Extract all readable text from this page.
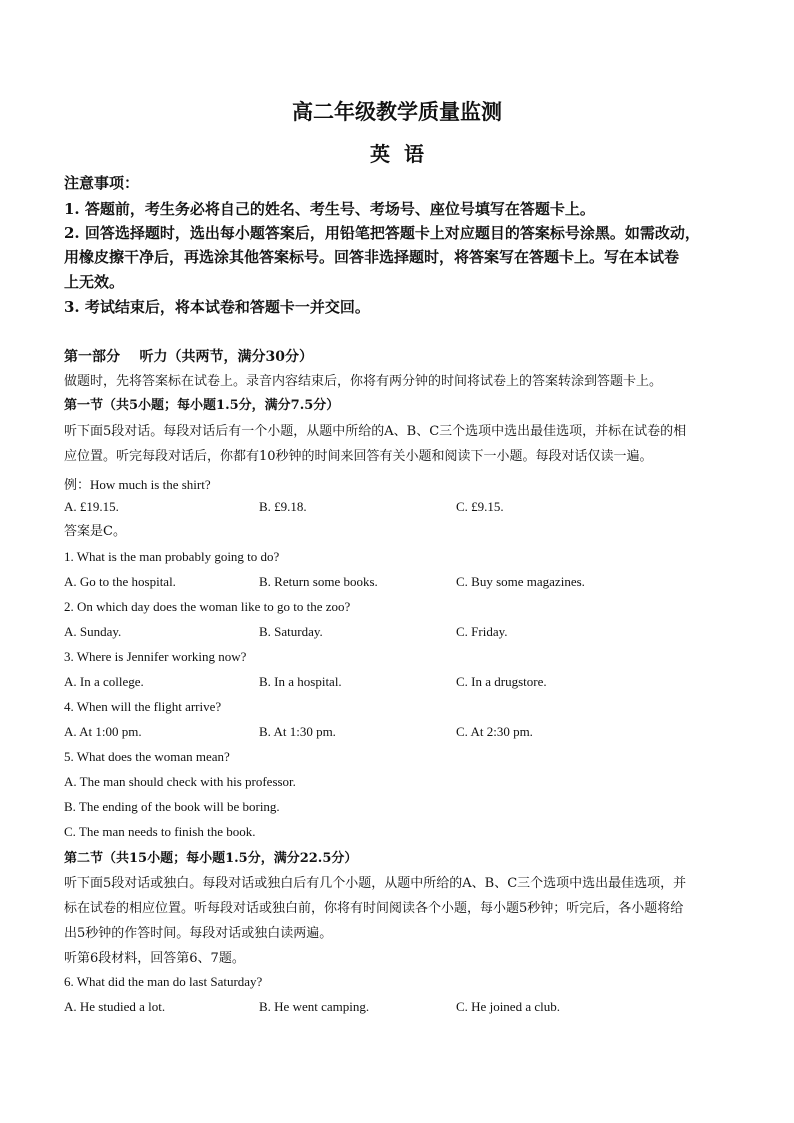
高二年级教学质量监测
英  语
注意事项：
1. 答题前，考生务必将自己的姓名、考生号、考场号、座位号填写在答题卡上。
2. 回答选择题时，选出每小题答案后，用铅笔把答题卡上对应题目的答案标号涂黑。如需改动，
用橡皮擦干净后，再选涂其他答案标号。回答非选择题时，将答案写在答题卡上。写在本试卷
上无效。
3. 考试结束后，将本试卷和答题卡一并交回。
第一部分    听力（共两节，满分30分）
做题时，先将答案标在试卷上。录音内容结束后，你将有两分钟的时间将试卷上的答案转涂到答题卡上。
第一节（共5小题；每小题1.5分，满分7.5分）
听下面5段对话。每段对话后有一个小题，从题中所给的A、B、C三个选项中选出最佳选项，并标在试卷的相
应位置。听完每段对话后，你都有10秒钟的时间来回答有关小题和阅读下一小题。每段对话仅读一遍。
例：How much is the shirt?
A. £19.15.	B. £9.18.	C. £9.15.
答案是C。
1. What is the man probably going to do?
A. Go to the hospital.	B. Return some books.	C. Buy some magazines.
2. On which day does the woman like to go to the zoo?
A. Sunday.	B. Saturday.	C. Friday.
3. Where is Jennifer working now?
A. In a college.	B. In a hospital.	C. In a drugstore.
4. When will the flight arrive?
A. At 1:00 pm.	B. At 1:30 pm.	C. At 2:30 pm.
5. What does the woman mean?
A. The man should check with his professor.
B. The ending of the book will be boring.
C. The man needs to finish the book.
第二节（共15小题；每小题1.5分，满分22.5分）
听下面5段对话或独白。每段对话或独白后有几个小题，从题中所给的A、B、C三个选项中选出最佳选项，并
标在试卷的相应位置。听每段对话或独白前，你将有时间阅读各个小题，每小题5秒钟；听完后，各小题将给
出5秒钟的作答时间。每段对话或独白读两遍。
听第6段材料，回答第6、7题。
6. What did the man do last Saturday?
A. He studied a lot.	B. He went camping.	C. He joined a club.
